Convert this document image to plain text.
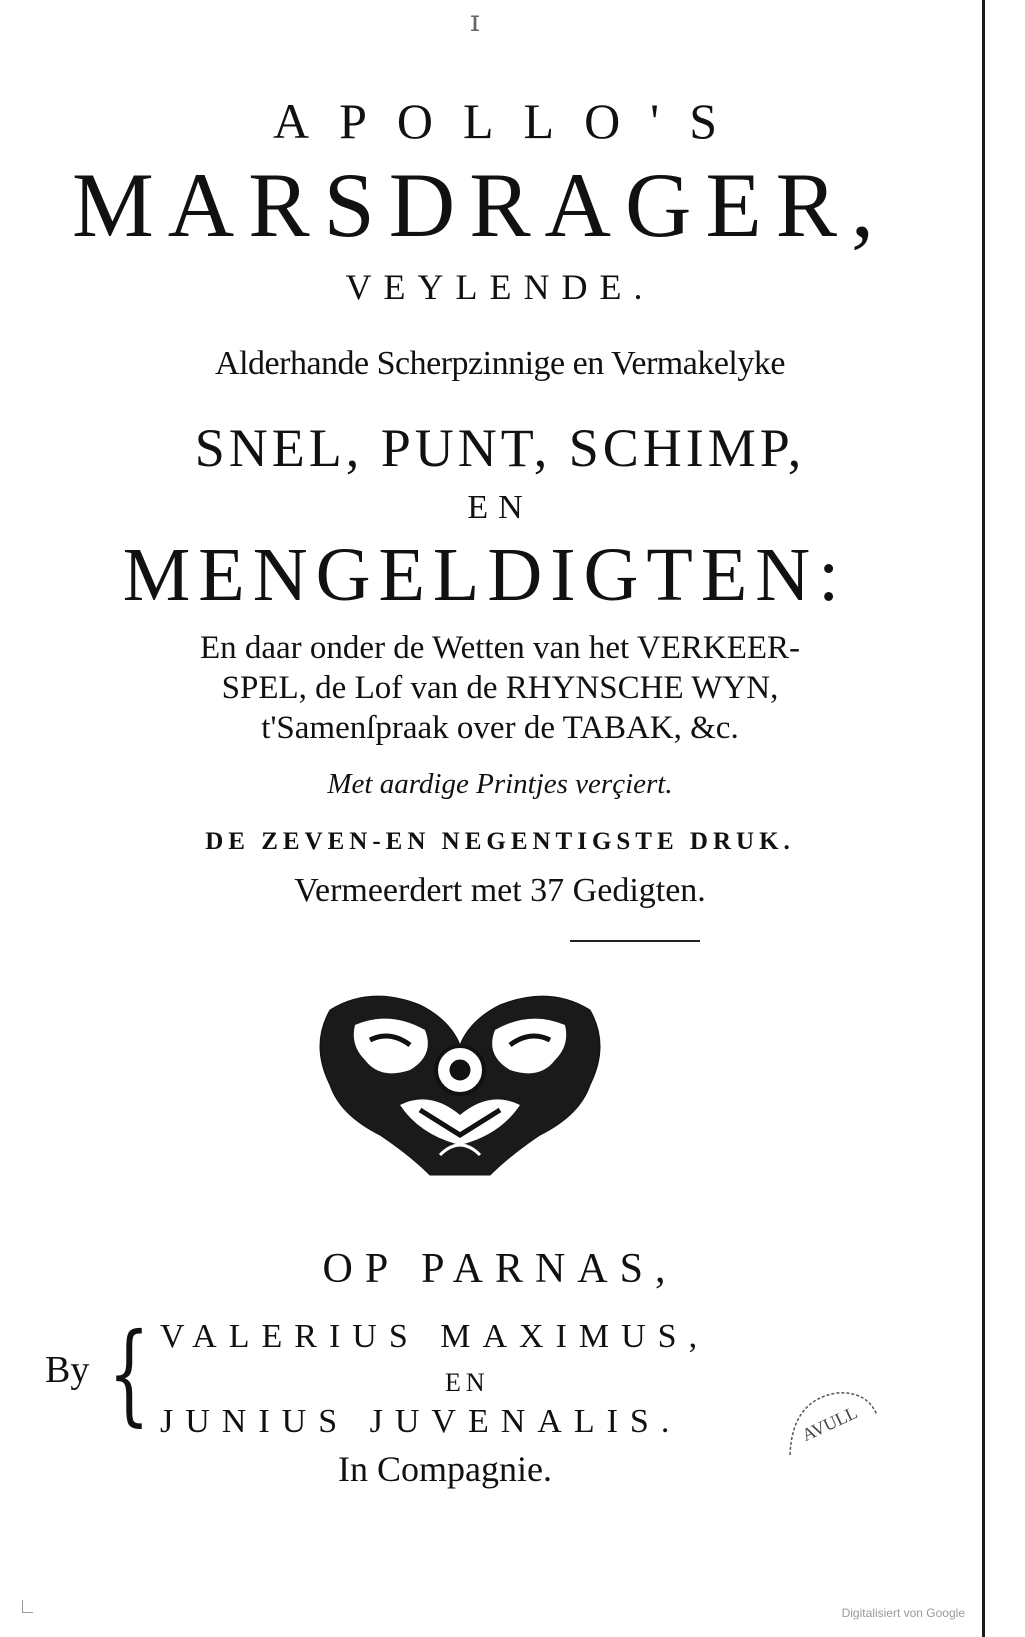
ɪ
APOLLO'S
MARSDRAGER,
VEYLENDE.
Alderhande Scherpzinnige en Vermakelyke
SNEL, PUNT, SCHIMP,
EN
MENGELDIGTEN:
En daar onder de Wetten van het VERKEER-
SPEL, de Lof van de RHYNSCHE WYN,
t'Samenſpraak over de TABAK, &c.
Met aardige Printjes verçiert.
DE ZEVEN-EN NEGENTIGSTE DRUK.
Vermeerdert met 37 Gedigten.
OP PARNAS,
By { VALERIUS MAXIMUS,
EN
JUNIUS JUVENALIS.
In Compagnie.
AVULL
Digitalisiert von Google
